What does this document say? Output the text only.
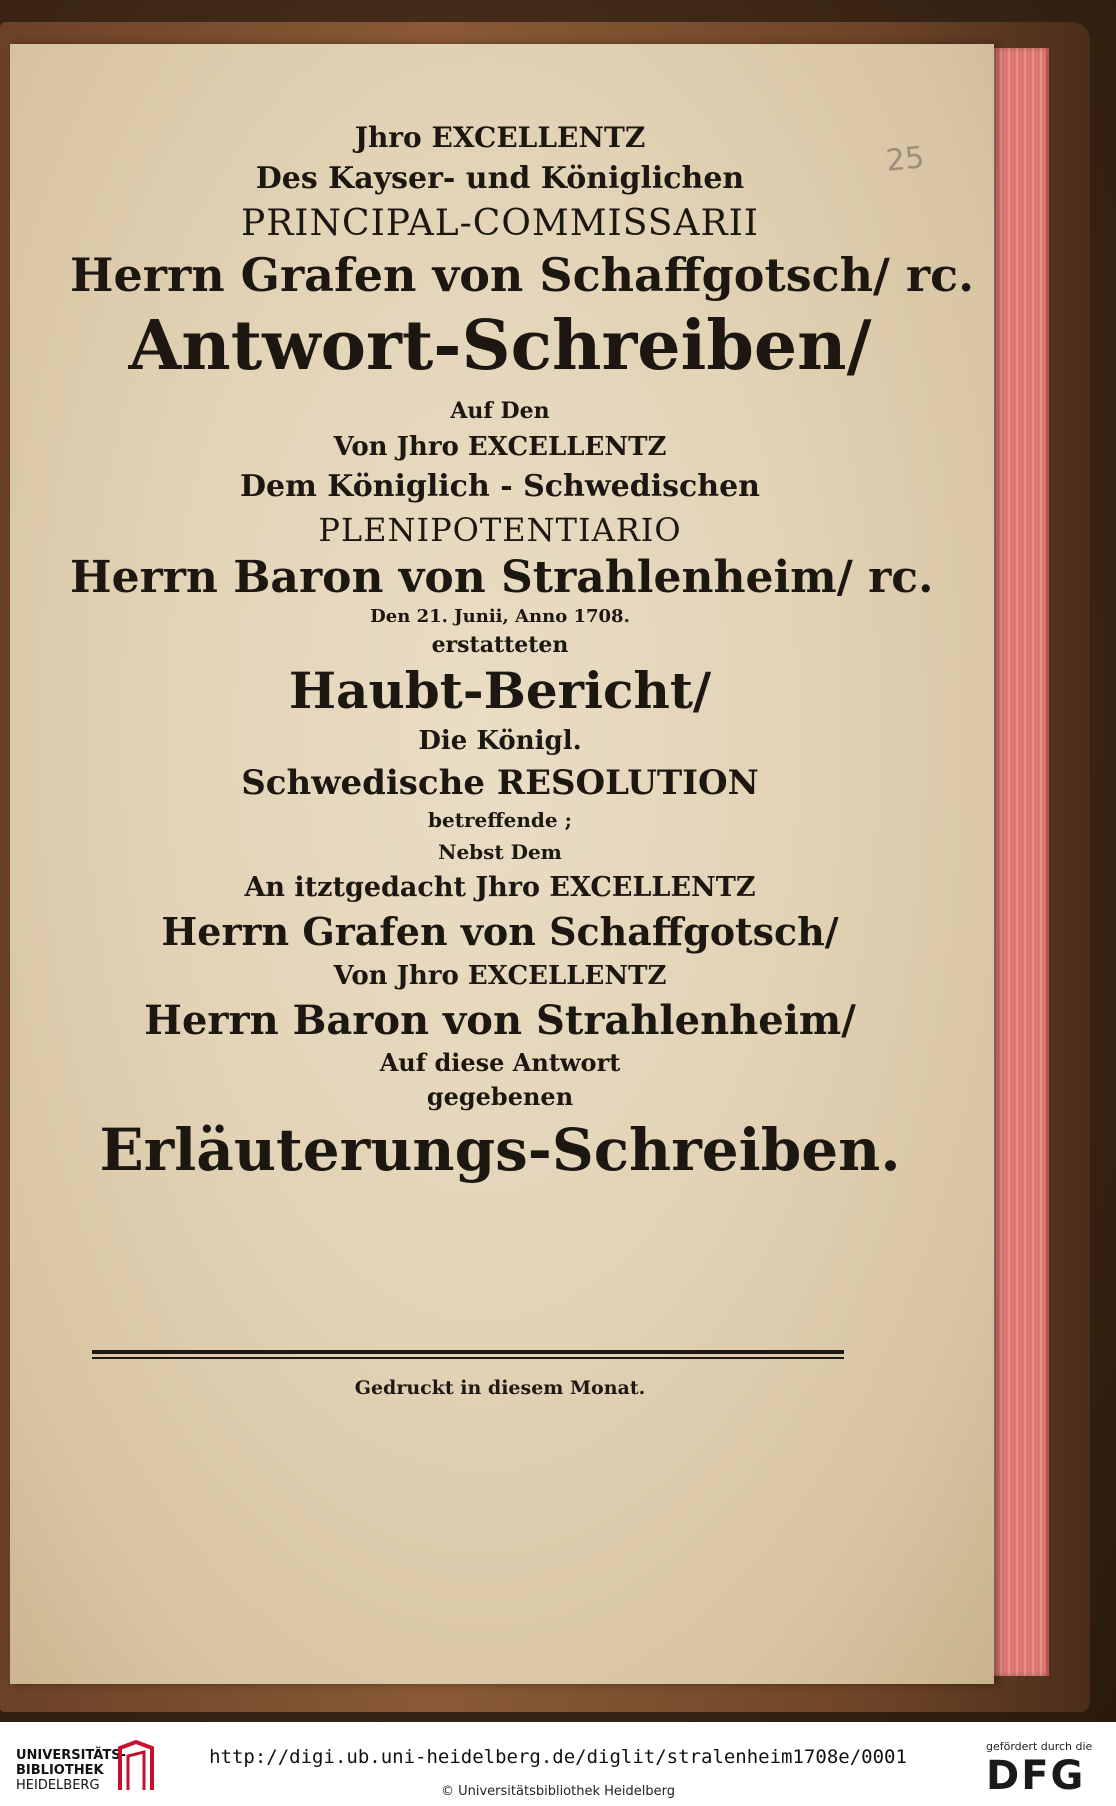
25
Jhro EXCELLENTZ
Des Kayser- und Königlichen
PRINCIPAL-COMMISSARII
Herrn Grafen von Schaffgotsch/ rc.
Antwort-Schreiben/
Auf Den
Von Jhro EXCELLENTZ
Dem Königlich - Schwedischen
PLENIPOTENTIARIO
Herrn Baron von Strahlenheim/ rc.
Den 21. Junii, Anno 1708.
erstatteten
Haubt-Bericht/
Die Königl.
Schwedische RESOLUTION
betreffende ;
Nebst Dem
An itztgedacht Jhro EXCELLENTZ
Herrn Grafen von Schaffgotsch/
Von Jhro EXCELLENTZ
Herrn Baron von Strahlenheim/
Auf diese Antwort
gegebenen
Erläuterungs-Schreiben.
Gedruckt in diesem Monat.
UNIVERSITÄTS-
BIBLIOTHEK
HEIDELBERG
http://digi.ub.uni-heidelberg.de/diglit/stralenheim1708e/0001
© Universitätsbibliothek Heidelberg
gefördert durch die
DFG
